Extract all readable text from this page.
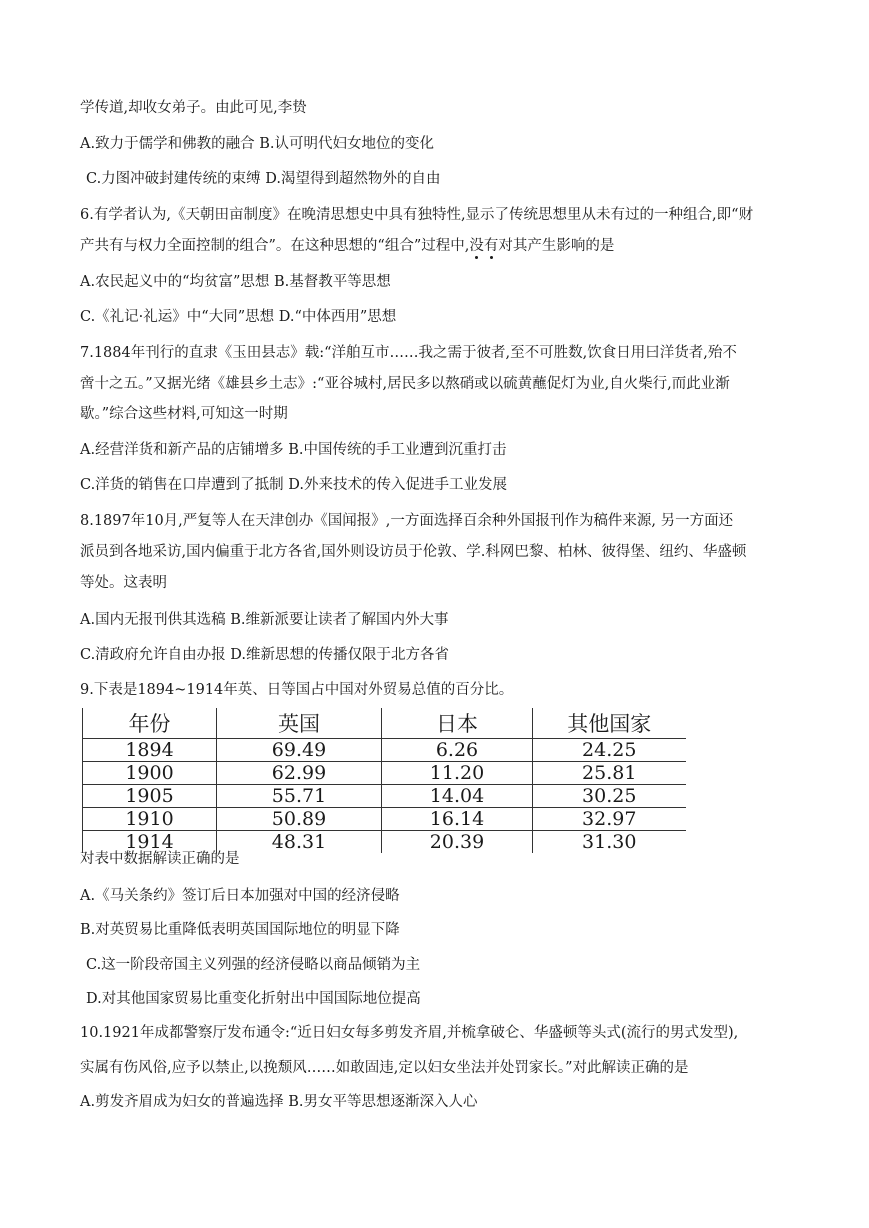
学传道,却收女弟子。由此可见,李贽
A.致力于儒学和佛教的融合 B.认可明代妇女地位的变化
C.力图冲破封建传统的束缚 D.渴望得到超然物外的自由
6.有学者认为,《天朝田亩制度》在晚清思想史中具有独特性,显示了传统思想里从未有过的一种组合,即“财
产共有与权力全面控制的组合”。在这种思想的“组合”过程中,没有对其产生影响的是
A.农民起义中的“均贫富”思想 B.基督教平等思想
C.《礼记·礼运》中“大同”思想 D.“中体西用”思想
7.1884年刊行的直隶《玉田县志》载:“洋舶互市……我之需于彼者,至不可胜数,饮食日用曰洋货者,殆不
啻十之五。”又据光绪《雄县乡土志》:“亚谷城村,居民多以熬硝或以硫黄蘸促灯为业,自火柴行,而此业渐
歇。”综合这些材料,可知这一时期
A.经营洋货和新产品的店铺增多 B.中国传统的手工业遭到沉重打击
C.洋货的销售在口岸遭到了抵制 D.外来技术的传入促进手工业发展
8.1897年10月,严复等人在天津创办《国闻报》,一方面选择百余种外国报刊作为稿件来源, 另一方面还
派员到各地采访,国内偏重于北方各省,国外则设访员于伦敦、学.科网巴黎、柏林、彼得堡、纽约、华盛顿
等处。这表明
A.国内无报刊供其选稿 B.维新派要让读者了解国内外大事
C.清政府允许自由办报 D.维新思想的传播仅限于北方各省
9.下表是1894~1914年英、日等国占中国对外贸易总值的百分比。
年份	英国	日本	其他国家
1894	69.49	6.26	24.25
1900	62.99	11.20	25.81
1905	55.71	14.04	30.25
1910	50.89	16.14	32.97
1914	48.31	20.39	31.30
对表中数据解读正确的是
A.《马关条约》签订后日本加强对中国的经济侵略
B.对英贸易比重降低表明英国国际地位的明显下降
C.这一阶段帝国主义列强的经济侵略以商品倾销为主
D.对其他国家贸易比重变化折射出中国国际地位提高
10.1921年成都警察厅发布通令:“近日妇女每多剪发齐眉,并梳拿破仑、华盛顿等头式(流行的男式发型),
实属有伤风俗,应予以禁止,以挽颓风……如敢固违,定以妇女坐法并处罚家长。”对此解读正确的是
A.剪发齐眉成为妇女的普遍选择 B.男女平等思想逐渐深入人心
